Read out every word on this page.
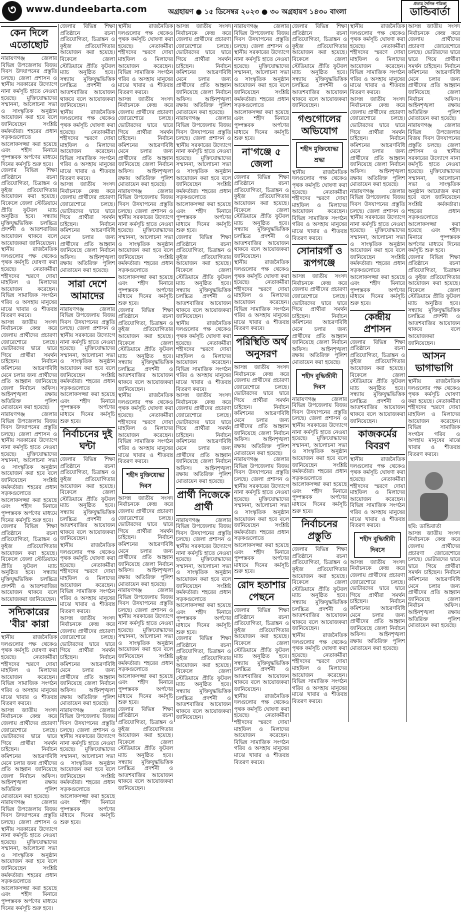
৩	www.dundeebarta.com	অগ্রহায়ণ ● ১৫ ডিসেম্বর ২০২৩ ● ৩০ অগ্রহায়ণ ১৪৩০ বাংলা
প্রত্যয় দৈনিক পত্রিকা
ডান্ডিবার্তা
কেন দিলে এতোছোট

নারায়ণগঞ্জ জেলার বিভিন্ন উপজেলায় বিজয় দিবস উদযাপনের প্রস্তুতি চলছে। জেলা প্রশাসন ও স্থানীয় সরকারের উদ্যোগে নানা কর্মসূচি হাতে নেওয়া হয়েছে। মুক্তিযোদ্ধাদের সম্মাননা, আলোচনা সভা ও সাংস্কৃতিক অনুষ্ঠান আয়োজন করা হবে বলে জানিয়েছেন সংশ্লিষ্ট কর্মকর্তারা। শহরের প্রধান সড়কগুলোতে আলোকসজ্জা করা হয়েছে এবং শহীদ মিনারে পুষ্পস্তবক অর্পণের মাধ্যমে দিনের কর্মসূচি শুরু হবে।

জেলার বিভিন্ন শিক্ষা প্রতিষ্ঠানে রচনা প্রতিযোগিতা, চিত্রাঙ্কন ও কুইজ প্রতিযোগিতার আয়োজন করা হয়েছে। বিকেলে জেলা স্টেডিয়ামে প্রীতি ফুটবল ম্যাচ অনুষ্ঠিত হবে। সন্ধ্যায় মুক্তিযুদ্ধভিত্তিক চলচ্চিত্র প্রদর্শনী ও আতশবাজির আয়োজন থাকবে বলে আয়োজকরা জানিয়েছেন।

স্থানীয় রাজনৈতিক দলগুলোর পক্ষ থেকেও পৃথক কর্মসূচি ঘোষণা করা হয়েছে। নেতাকর্মীরা শহীদদের স্মরণে দোয়া মাহফিল ও মিলাদের আয়োজন করেছেন। বিভিন্ন সামাজিক সংগঠন গরিব ও অসহায় মানুষের মাঝে খাবার ও শীতবস্ত্র বিতরণ করবে।

আসন্ন জাতীয় সংসদ নির্বাচনকে কেন্দ্র করে জেলায় প্রার্থীদের প্রচারণা জোরেশোরে চলছে। ভোটারদের দ্বারে দ্বারে গিয়ে প্রার্থীরা সমর্থন চাইছেন। নির্বাচন কমিশনের আচরণবিধি মেনে চলার জন্য প্রার্থীদের প্রতি আহ্বান জানিয়েছে জেলা নির্বাচন অফিস। আইনশৃঙ্খলা রক্ষায় অতিরিক্ত পুলিশ মোতায়েন করা হয়েছে।

নারায়ণগঞ্জ জেলার বিভিন্ন উপজেলায় বিজয় দিবস উদযাপনের প্রস্তুতি চলছে। জেলা প্রশাসন ও স্থানীয় সরকারের উদ্যোগে নানা কর্মসূচি হাতে নেওয়া হয়েছে। মুক্তিযোদ্ধাদের সম্মাননা, আলোচনা সভা ও সাংস্কৃতিক অনুষ্ঠান আয়োজন করা হবে বলে জানিয়েছেন সংশ্লিষ্ট কর্মকর্তারা। শহরের প্রধান সড়কগুলোতে আলোকসজ্জা করা হয়েছে এবং শহীদ মিনারে পুষ্পস্তবক অর্পণের মাধ্যমে দিনের কর্মসূচি শুরু হবে।

জেলার বিভিন্ন শিক্ষা প্রতিষ্ঠানে রচনা প্রতিযোগিতা, চিত্রাঙ্কন ও কুইজ প্রতিযোগিতার আয়োজন করা হয়েছে। বিকেলে জেলা স্টেডিয়ামে প্রীতি ফুটবল ম্যাচ অনুষ্ঠিত হবে। সন্ধ্যায় মুক্তিযুদ্ধভিত্তিক চলচ্চিত্র প্রদর্শনী ও আতশবাজির আয়োজন থাকবে বলে আয়োজকরা জানিয়েছেন।

সদ্যিকারের 'বীর' কারা

স্থানীয় রাজনৈতিক দলগুলোর পক্ষ থেকেও পৃথক কর্মসূচি ঘোষণা করা হয়েছে। নেতাকর্মীরা শহীদদের স্মরণে দোয়া মাহফিল ও মিলাদের আয়োজন করেছেন। বিভিন্ন সামাজিক সংগঠন গরিব ও অসহায় মানুষের মাঝে খাবার ও শীতবস্ত্র বিতরণ করবে।

আসন্ন জাতীয় সংসদ নির্বাচনকে কেন্দ্র করে জেলায় প্রার্থীদের প্রচারণা জোরেশোরে চলছে। ভোটারদের দ্বারে দ্বারে গিয়ে প্রার্থীরা সমর্থন চাইছেন। নির্বাচন কমিশনের আচরণবিধি মেনে চলার জন্য প্রার্থীদের প্রতি আহ্বান জানিয়েছে জেলা নির্বাচন অফিস। আইনশৃঙ্খলা রক্ষায় অতিরিক্ত পুলিশ মোতায়েন করা হয়েছে।

নারায়ণগঞ্জ জেলার বিভিন্ন উপজেলায় বিজয় দিবস উদযাপনের প্রস্তুতি চলছে। জেলা প্রশাসন ও স্থানীয় সরকারের উদ্যোগে নানা কর্মসূচি হাতে নেওয়া হয়েছে। মুক্তিযোদ্ধাদের সম্মাননা, আলোচনা সভা ও সাংস্কৃতিক অনুষ্ঠান আয়োজন করা হবে বলে জানিয়েছেন সংশ্লিষ্ট কর্মকর্তারা। শহরের প্রধান সড়কগুলোতে আলোকসজ্জা করা হয়েছে এবং শহীদ মিনারে পুষ্পস্তবক অর্পণের মাধ্যমে দিনের কর্মসূচি শুরু হবে।

জেলার বিভিন্ন শিক্ষা প্রতিষ্ঠানে রচনা প্রতিযোগিতা, চিত্রাঙ্কন ও কুইজ প্রতিযোগিতার আয়োজন করা হয়েছে। বিকেলে জেলা স্টেডিয়ামে প্রীতি ফুটবল ম্যাচ অনুষ্ঠিত হবে। সন্ধ্যায় মুক্তিযুদ্ধভিত্তিক চলচ্চিত্র প্রদর্শনী ও আতশবাজির আয়োজন থাকবে বলে আয়োজকরা জানিয়েছেন।

স্থানীয় রাজনৈতিক দলগুলোর পক্ষ থেকেও পৃথক কর্মসূচি ঘোষণা করা হয়েছে। নেতাকর্মীরা শহীদদের স্মরণে দোয়া মাহফিল ও মিলাদের আয়োজন করেছেন। বিভিন্ন সামাজিক সংগঠন গরিব ও অসহায় মানুষের মাঝে খাবার ও শীতবস্ত্র বিতরণ করবে।

আসন্ন জাতীয় সংসদ নির্বাচনকে কেন্দ্র করে জেলায় প্রার্থীদের প্রচারণা জোরেশোরে চলছে। ভোটারদের দ্বারে দ্বারে গিয়ে প্রার্থীরা সমর্থন চাইছেন। নির্বাচন কমিশনের আচরণবিধি মেনে চলার জন্য প্রার্থীদের প্রতি আহ্বান জানিয়েছে জেলা নির্বাচন অফিস। আইনশৃঙ্খলা রক্ষায় অতিরিক্ত পুলিশ মোতায়েন করা হয়েছে।

সারা দেশে আমাদের

নারায়ণগঞ্জ জেলার বিভিন্ন উপজেলায় বিজয় দিবস উদযাপনের প্রস্তুতি চলছে। জেলা প্রশাসন ও স্থানীয় সরকারের উদ্যোগে নানা কর্মসূচি হাতে নেওয়া হয়েছে। মুক্তিযোদ্ধাদের সম্মাননা, আলোচনা সভা ও সাংস্কৃতিক অনুষ্ঠান আয়োজন করা হবে বলে জানিয়েছেন সংশ্লিষ্ট কর্মকর্তারা। শহরের প্রধান সড়কগুলোতে আলোকসজ্জা করা হয়েছে এবং শহীদ মিনারে পুষ্পস্তবক অর্পণের মাধ্যমে দিনের কর্মসূচি শুরু হবে।

নির্বাচনের দুই ঘন্টা

জেলার বিভিন্ন শিক্ষা প্রতিষ্ঠানে রচনা প্রতিযোগিতা, চিত্রাঙ্কন ও কুইজ প্রতিযোগিতার আয়োজন করা হয়েছে। বিকেলে জেলা স্টেডিয়ামে প্রীতি ফুটবল ম্যাচ অনুষ্ঠিত হবে। সন্ধ্যায় মুক্তিযুদ্ধভিত্তিক চলচ্চিত্র প্রদর্শনী ও আতশবাজির আয়োজন থাকবে বলে আয়োজকরা জানিয়েছেন।

স্থানীয় রাজনৈতিক দলগুলোর পক্ষ থেকেও পৃথক কর্মসূচি ঘোষণা করা হয়েছে। নেতাকর্মীরা শহীদদের স্মরণে দোয়া মাহফিল ও মিলাদের আয়োজন করেছেন। বিভিন্ন সামাজিক সংগঠন গরিব ও অসহায় মানুষের মাঝে খাবার ও শীতবস্ত্র বিতরণ করবে।

আসন্ন জাতীয় সংসদ নির্বাচনকে কেন্দ্র করে জেলায় প্রার্থীদের প্রচারণা জোরেশোরে চলছে। ভোটারদের দ্বারে দ্বারে গিয়ে প্রার্থীরা সমর্থন চাইছেন। নির্বাচন কমিশনের আচরণবিধি মেনে চলার জন্য প্রার্থীদের প্রতি আহ্বান জানিয়েছে জেলা নির্বাচন অফিস। আইনশৃঙ্খলা রক্ষায় অতিরিক্ত পুলিশ মোতায়েন করা হয়েছে।

নারায়ণগঞ্জ জেলার বিভিন্ন উপজেলায় বিজয় দিবস উদযাপনের প্রস্তুতি চলছে। জেলা প্রশাসন ও স্থানীয় সরকারের উদ্যোগে নানা কর্মসূচি হাতে নেওয়া হয়েছে। মুক্তিযোদ্ধাদের সম্মাননা, আলোচনা সভা ও সাংস্কৃতিক অনুষ্ঠান আয়োজন করা হবে বলে জানিয়েছেন সংশ্লিষ্ট কর্মকর্তারা। শহরের প্রধান সড়কগুলোতে আলোকসজ্জা করা হয়েছে এবং শহীদ মিনারে পুষ্পস্তবক অর্পণের মাধ্যমে দিনের কর্মসূচি শুরু হবে।

স্থানীয় রাজনৈতিক দলগুলোর পক্ষ থেকেও পৃথক কর্মসূচি ঘোষণা করা হয়েছে। নেতাকর্মীরা শহীদদের স্মরণে দোয়া মাহফিল ও মিলাদের আয়োজন করেছেন। বিভিন্ন সামাজিক সংগঠন গরিব ও অসহায় মানুষের মাঝে খাবার ও শীতবস্ত্র বিতরণ করবে।

আসন্ন জাতীয় সংসদ নির্বাচনকে কেন্দ্র করে জেলায় প্রার্থীদের প্রচারণা জোরেশোরে চলছে। ভোটারদের দ্বারে দ্বারে গিয়ে প্রার্থীরা সমর্থন চাইছেন। নির্বাচন কমিশনের আচরণবিধি মেনে চলার জন্য প্রার্থীদের প্রতি আহ্বান জানিয়েছে জেলা নির্বাচন অফিস। আইনশৃঙ্খলা রক্ষায় অতিরিক্ত পুলিশ মোতায়েন করা হয়েছে।

নারায়ণগঞ্জ জেলার বিভিন্ন উপজেলায় বিজয় দিবস উদযাপনের প্রস্তুতি চলছে। জেলা প্রশাসন ও স্থানীয় সরকারের উদ্যোগে নানা কর্মসূচি হাতে নেওয়া হয়েছে। মুক্তিযোদ্ধাদের সম্মাননা, আলোচনা সভা ও সাংস্কৃতিক অনুষ্ঠান আয়োজন করা হবে বলে জানিয়েছেন সংশ্লিষ্ট কর্মকর্তারা। শহরের প্রধান সড়কগুলোতে আলোকসজ্জা করা হয়েছে এবং শহীদ মিনারে পুষ্পস্তবক অর্পণের মাধ্যমে দিনের কর্মসূচি শুরু হবে।

জেলার বিভিন্ন শিক্ষা প্রতিষ্ঠানে রচনা প্রতিযোগিতা, চিত্রাঙ্কন ও কুইজ প্রতিযোগিতার আয়োজন করা হয়েছে। বিকেলে জেলা স্টেডিয়ামে প্রীতি ফুটবল ম্যাচ অনুষ্ঠিত হবে। সন্ধ্যায় মুক্তিযুদ্ধভিত্তিক চলচ্চিত্র প্রদর্শনী ও আতশবাজির আয়োজন থাকবে বলে আয়োজকরা জানিয়েছেন।

স্থানীয় রাজনৈতিক দলগুলোর পক্ষ থেকেও পৃথক কর্মসূচি ঘোষণা করা হয়েছে। নেতাকর্মীরা শহীদদের স্মরণে দোয়া মাহফিল ও মিলাদের আয়োজন করেছেন। বিভিন্ন সামাজিক সংগঠন গরিব ও অসহায় মানুষের মাঝে খাবার ও শীতবস্ত্র বিতরণ করবে।

শহীদ মুক্তিযোদ্ধা দিবস

আসন্ন জাতীয় সংসদ নির্বাচনকে কেন্দ্র করে জেলায় প্রার্থীদের প্রচারণা জোরেশোরে চলছে। ভোটারদের দ্বারে দ্বারে গিয়ে প্রার্থীরা সমর্থন চাইছেন। নির্বাচন কমিশনের আচরণবিধি মেনে চলার জন্য প্রার্থীদের প্রতি আহ্বান জানিয়েছে জেলা নির্বাচন অফিস। আইনশৃঙ্খলা রক্ষায় অতিরিক্ত পুলিশ মোতায়েন করা হয়েছে।

নারায়ণগঞ্জ জেলার বিভিন্ন উপজেলায় বিজয় দিবস উদযাপনের প্রস্তুতি চলছে। জেলা প্রশাসন ও স্থানীয় সরকারের উদ্যোগে নানা কর্মসূচি হাতে নেওয়া হয়েছে। মুক্তিযোদ্ধাদের সম্মাননা, আলোচনা সভা ও সাংস্কৃতিক অনুষ্ঠান আয়োজন করা হবে বলে জানিয়েছেন সংশ্লিষ্ট কর্মকর্তারা। শহরের প্রধান সড়কগুলোতে আলোকসজ্জা করা হয়েছে এবং শহীদ মিনারে পুষ্পস্তবক অর্পণের মাধ্যমে দিনের কর্মসূচি শুরু হবে।

জেলার বিভিন্ন শিক্ষা প্রতিষ্ঠানে রচনা প্রতিযোগিতা, চিত্রাঙ্কন ও কুইজ প্রতিযোগিতার আয়োজন করা হয়েছে। বিকেলে জেলা স্টেডিয়ামে প্রীতি ফুটবল ম্যাচ অনুষ্ঠিত হবে। সন্ধ্যায় মুক্তিযুদ্ধভিত্তিক চলচ্চিত্র প্রদর্শনী ও আতশবাজির আয়োজন থাকবে বলে আয়োজকরা জানিয়েছেন।

আসন্ন জাতীয় সংসদ নির্বাচনকে কেন্দ্র করে জেলায় প্রার্থীদের প্রচারণা জোরেশোরে চলছে। ভোটারদের দ্বারে দ্বারে গিয়ে প্রার্থীরা সমর্থন চাইছেন। নির্বাচন কমিশনের আচরণবিধি মেনে চলার জন্য প্রার্থীদের প্রতি আহ্বান জানিয়েছে জেলা নির্বাচন অফিস। আইনশৃঙ্খলা রক্ষায় অতিরিক্ত পুলিশ মোতায়েন করা হয়েছে।

নারায়ণগঞ্জ জেলার বিভিন্ন উপজেলায় বিজয় দিবস উদযাপনের প্রস্তুতি চলছে। জেলা প্রশাসন ও স্থানীয় সরকারের উদ্যোগে নানা কর্মসূচি হাতে নেওয়া হয়েছে। মুক্তিযোদ্ধাদের সম্মাননা, আলোচনা সভা ও সাংস্কৃতিক অনুষ্ঠান আয়োজন করা হবে বলে জানিয়েছেন সংশ্লিষ্ট কর্মকর্তারা। শহরের প্রধান সড়কগুলোতে আলোকসজ্জা করা হয়েছে এবং শহীদ মিনারে পুষ্পস্তবক অর্পণের মাধ্যমে দিনের কর্মসূচি শুরু হবে।

জেলার বিভিন্ন শিক্ষা প্রতিষ্ঠানে রচনা প্রতিযোগিতা, চিত্রাঙ্কন ও কুইজ প্রতিযোগিতার আয়োজন করা হয়েছে। বিকেলে জেলা স্টেডিয়ামে প্রীতি ফুটবল ম্যাচ অনুষ্ঠিত হবে। সন্ধ্যায় মুক্তিযুদ্ধভিত্তিক চলচ্চিত্র প্রদর্শনী ও আতশবাজির আয়োজন থাকবে বলে আয়োজকরা জানিয়েছেন।

স্থানীয় রাজনৈতিক দলগুলোর পক্ষ থেকেও পৃথক কর্মসূচি ঘোষণা করা হয়েছে। নেতাকর্মীরা শহীদদের স্মরণে দোয়া মাহফিল ও মিলাদের আয়োজন করেছেন। বিভিন্ন সামাজিক সংগঠন গরিব ও অসহায় মানুষের মাঝে খাবার ও শীতবস্ত্র বিতরণ করবে।

আসন্ন জাতীয় সংসদ নির্বাচনকে কেন্দ্র করে জেলায় প্রার্থীদের প্রচারণা জোরেশোরে চলছে। ভোটারদের দ্বারে দ্বারে গিয়ে প্রার্থীরা সমর্থন চাইছেন। নির্বাচন কমিশনের আচরণবিধি মেনে চলার জন্য প্রার্থীদের প্রতি আহ্বান জানিয়েছে জেলা নির্বাচন অফিস। আইনশৃঙ্খলা রক্ষায় অতিরিক্ত পুলিশ মোতায়েন করা হয়েছে।

প্রার্থী নিজেকে প্রার্থী

নারায়ণগঞ্জ জেলার বিভিন্ন উপজেলায় বিজয় দিবস উদযাপনের প্রস্তুতি চলছে। জেলা প্রশাসন ও স্থানীয় সরকারের উদ্যোগে নানা কর্মসূচি হাতে নেওয়া হয়েছে। মুক্তিযোদ্ধাদের সম্মাননা, আলোচনা সভা ও সাংস্কৃতিক অনুষ্ঠান আয়োজন করা হবে বলে জানিয়েছেন সংশ্লিষ্ট কর্মকর্তারা। শহরের প্রধান সড়কগুলোতে আলোকসজ্জা করা হয়েছে এবং শহীদ মিনারে পুষ্পস্তবক অর্পণের মাধ্যমে দিনের কর্মসূচি শুরু হবে।

জেলার বিভিন্ন শিক্ষা প্রতিষ্ঠানে রচনা প্রতিযোগিতা, চিত্রাঙ্কন ও কুইজ প্রতিযোগিতার আয়োজন করা হয়েছে। বিকেলে জেলা স্টেডিয়ামে প্রীতি ফুটবল ম্যাচ অনুষ্ঠিত হবে। সন্ধ্যায় মুক্তিযুদ্ধভিত্তিক চলচ্চিত্র প্রদর্শনী ও আতশবাজির আয়োজন থাকবে বলে আয়োজকরা জানিয়েছেন।

নারায়ণগঞ্জ জেলার বিভিন্ন উপজেলায় বিজয় দিবস উদযাপনের প্রস্তুতি চলছে। জেলা প্রশাসন ও স্থানীয় সরকারের উদ্যোগে নানা কর্মসূচি হাতে নেওয়া হয়েছে। মুক্তিযোদ্ধাদের সম্মাননা, আলোচনা সভা ও সাংস্কৃতিক অনুষ্ঠান আয়োজন করা হবে বলে জানিয়েছেন সংশ্লিষ্ট কর্মকর্তারা। শহরের প্রধান সড়কগুলোতে আলোকসজ্জা করা হয়েছে এবং শহীদ মিনারে পুষ্পস্তবক অর্পণের মাধ্যমে দিনের কর্মসূচি শুরু হবে।

না'গঞ্জে ৫ জেলা

জেলার বিভিন্ন শিক্ষা প্রতিষ্ঠানে রচনা প্রতিযোগিতা, চিত্রাঙ্কন ও কুইজ প্রতিযোগিতার আয়োজন করা হয়েছে। বিকেলে জেলা স্টেডিয়ামে প্রীতি ফুটবল ম্যাচ অনুষ্ঠিত হবে। সন্ধ্যায় মুক্তিযুদ্ধভিত্তিক চলচ্চিত্র প্রদর্শনী ও আতশবাজির আয়োজন থাকবে বলে আয়োজকরা জানিয়েছেন।

স্থানীয় রাজনৈতিক দলগুলোর পক্ষ থেকেও পৃথক কর্মসূচি ঘোষণা করা হয়েছে। নেতাকর্মীরা শহীদদের স্মরণে দোয়া মাহফিল ও মিলাদের আয়োজন করেছেন। বিভিন্ন সামাজিক সংগঠন গরিব ও অসহায় মানুষের মাঝে খাবার ও শীতবস্ত্র বিতরণ করবে।

পরিস্থিতি অর্থ অনুসরণ

আসন্ন জাতীয় সংসদ নির্বাচনকে কেন্দ্র করে জেলায় প্রার্থীদের প্রচারণা জোরেশোরে চলছে। ভোটারদের দ্বারে দ্বারে গিয়ে প্রার্থীরা সমর্থন চাইছেন। নির্বাচন কমিশনের আচরণবিধি মেনে চলার জন্য প্রার্থীদের প্রতি আহ্বান জানিয়েছে জেলা নির্বাচন অফিস। আইনশৃঙ্খলা রক্ষায় অতিরিক্ত পুলিশ মোতায়েন করা হয়েছে।

নারায়ণগঞ্জ জেলার বিভিন্ন উপজেলায় বিজয় দিবস উদযাপনের প্রস্তুতি চলছে। জেলা প্রশাসন ও স্থানীয় সরকারের উদ্যোগে নানা কর্মসূচি হাতে নেওয়া হয়েছে। মুক্তিযোদ্ধাদের সম্মাননা, আলোচনা সভা ও সাংস্কৃতিক অনুষ্ঠান আয়োজন করা হবে বলে জানিয়েছেন সংশ্লিষ্ট কর্মকর্তারা। শহরের প্রধান সড়কগুলোতে আলোকসজ্জা করা হয়েছে এবং শহীদ মিনারে পুষ্পস্তবক অর্পণের মাধ্যমে দিনের কর্মসূচি শুরু হবে।

রোদ হতাশার পেছনে

জেলার বিভিন্ন শিক্ষা প্রতিষ্ঠানে রচনা প্রতিযোগিতা, চিত্রাঙ্কন ও কুইজ প্রতিযোগিতার আয়োজন করা হয়েছে। বিকেলে জেলা স্টেডিয়ামে প্রীতি ফুটবল ম্যাচ অনুষ্ঠিত হবে। সন্ধ্যায় মুক্তিযুদ্ধভিত্তিক চলচ্চিত্র প্রদর্শনী ও আতশবাজির আয়োজন থাকবে বলে আয়োজকরা জানিয়েছেন।

স্থানীয় রাজনৈতিক দলগুলোর পক্ষ থেকেও পৃথক কর্মসূচি ঘোষণা করা হয়েছে। নেতাকর্মীরা শহীদদের স্মরণে দোয়া মাহফিল ও মিলাদের আয়োজন করেছেন। বিভিন্ন সামাজিক সংগঠন গরিব ও অসহায় মানুষের মাঝে খাবার ও শীতবস্ত্র বিতরণ করবে।

জেলার বিভিন্ন শিক্ষা প্রতিষ্ঠানে রচনা প্রতিযোগিতা, চিত্রাঙ্কন ও কুইজ প্রতিযোগিতার আয়োজন করা হয়েছে। বিকেলে জেলা স্টেডিয়ামে প্রীতি ফুটবল ম্যাচ অনুষ্ঠিত হবে। সন্ধ্যায় মুক্তিযুদ্ধভিত্তিক চলচ্চিত্র প্রদর্শনী ও আতশবাজির আয়োজন থাকবে বলে আয়োজকরা জানিয়েছেন।

গণ্ডগোলের অভিযোগ
শহীদ মুক্তিযোদ্ধা শ্রদ্ধা

স্থানীয় রাজনৈতিক দলগুলোর পক্ষ থেকেও পৃথক কর্মসূচি ঘোষণা করা হয়েছে। নেতাকর্মীরা শহীদদের স্মরণে দোয়া মাহফিল ও মিলাদের আয়োজন করেছেন। বিভিন্ন সামাজিক সংগঠন গরিব ও অসহায় মানুষের মাঝে খাবার ও শীতবস্ত্র বিতরণ করবে।

সোনারগাঁ ও রূপগঞ্জে

আসন্ন জাতীয় সংসদ নির্বাচনকে কেন্দ্র করে জেলায় প্রার্থীদের প্রচারণা জোরেশোরে চলছে। ভোটারদের দ্বারে দ্বারে গিয়ে প্রার্থীরা সমর্থন চাইছেন। নির্বাচন কমিশনের আচরণবিধি মেনে চলার জন্য প্রার্থীদের প্রতি আহ্বান জানিয়েছে জেলা নির্বাচন অফিস। আইনশৃঙ্খলা রক্ষায় অতিরিক্ত পুলিশ মোতায়েন করা হয়েছে।

শহীদ বুদ্ধিজীবী দিবস

নারায়ণগঞ্জ জেলার বিভিন্ন উপজেলায় বিজয় দিবস উদযাপনের প্রস্তুতি চলছে। জেলা প্রশাসন ও স্থানীয় সরকারের উদ্যোগে নানা কর্মসূচি হাতে নেওয়া হয়েছে। মুক্তিযোদ্ধাদের সম্মাননা, আলোচনা সভা ও সাংস্কৃতিক অনুষ্ঠান আয়োজন করা হবে বলে জানিয়েছেন সংশ্লিষ্ট কর্মকর্তারা। শহরের প্রধান সড়কগুলোতে আলোকসজ্জা করা হয়েছে এবং শহীদ মিনারে পুষ্পস্তবক অর্পণের মাধ্যমে দিনের কর্মসূচি শুরু হবে।

নির্বাচনের প্রস্তুতি

জেলার বিভিন্ন শিক্ষা প্রতিষ্ঠানে রচনা প্রতিযোগিতা, চিত্রাঙ্কন ও কুইজ প্রতিযোগিতার আয়োজন করা হয়েছে। বিকেলে জেলা স্টেডিয়ামে প্রীতি ফুটবল ম্যাচ অনুষ্ঠিত হবে। সন্ধ্যায় মুক্তিযুদ্ধভিত্তিক চলচ্চিত্র প্রদর্শনী ও আতশবাজির আয়োজন থাকবে বলে আয়োজকরা জানিয়েছেন।

স্থানীয় রাজনৈতিক দলগুলোর পক্ষ থেকেও পৃথক কর্মসূচি ঘোষণা করা হয়েছে। নেতাকর্মীরা শহীদদের স্মরণে দোয়া মাহফিল ও মিলাদের আয়োজন করেছেন। বিভিন্ন সামাজিক সংগঠন গরিব ও অসহায় মানুষের মাঝে খাবার ও শীতবস্ত্র বিতরণ করবে।

স্থানীয় রাজনৈতিক দলগুলোর পক্ষ থেকেও পৃথক কর্মসূচি ঘোষণা করা হয়েছে। নেতাকর্মীরা শহীদদের স্মরণে দোয়া মাহফিল ও মিলাদের আয়োজন করেছেন। বিভিন্ন সামাজিক সংগঠন গরিব ও অসহায় মানুষের মাঝে খাবার ও শীতবস্ত্র বিতরণ করবে।

আসন্ন জাতীয় সংসদ নির্বাচনকে কেন্দ্র করে জেলায় প্রার্থীদের প্রচারণা জোরেশোরে চলছে। ভোটারদের দ্বারে দ্বারে গিয়ে প্রার্থীরা সমর্থন চাইছেন। নির্বাচন কমিশনের আচরণবিধি মেনে চলার জন্য প্রার্থীদের প্রতি আহ্বান জানিয়েছে জেলা নির্বাচন অফিস। আইনশৃঙ্খলা রক্ষায় অতিরিক্ত পুলিশ মোতায়েন করা হয়েছে।

নারায়ণগঞ্জ জেলার বিভিন্ন উপজেলায় বিজয় দিবস উদযাপনের প্রস্তুতি চলছে। জেলা প্রশাসন ও স্থানীয় সরকারের উদ্যোগে নানা কর্মসূচি হাতে নেওয়া হয়েছে। মুক্তিযোদ্ধাদের সম্মাননা, আলোচনা সভা ও সাংস্কৃতিক অনুষ্ঠান আয়োজন করা হবে বলে জানিয়েছেন সংশ্লিষ্ট কর্মকর্তারা। শহরের প্রধান সড়কগুলোতে আলোকসজ্জা করা হয়েছে এবং শহীদ মিনারে পুষ্পস্তবক অর্পণের মাধ্যমে দিনের কর্মসূচি শুরু হবে।

কেন্দ্রীয় প্রশাসন

জেলার বিভিন্ন শিক্ষা প্রতিষ্ঠানে রচনা প্রতিযোগিতা, চিত্রাঙ্কন ও কুইজ প্রতিযোগিতার আয়োজন করা হয়েছে। বিকেলে জেলা স্টেডিয়ামে প্রীতি ফুটবল ম্যাচ অনুষ্ঠিত হবে। সন্ধ্যায় মুক্তিযুদ্ধভিত্তিক চলচ্চিত্র প্রদর্শনী ও আতশবাজির আয়োজন থাকবে বলে আয়োজকরা জানিয়েছেন।

কাজকর্মের বিবরণ

স্থানীয় রাজনৈতিক দলগুলোর পক্ষ থেকেও পৃথক কর্মসূচি ঘোষণা করা হয়েছে। নেতাকর্মীরা শহীদদের স্মরণে দোয়া মাহফিল ও মিলাদের আয়োজন করেছেন। বিভিন্ন সামাজিক সংগঠন গরিব ও অসহায় মানুষের মাঝে খাবার ও শীতবস্ত্র বিতরণ করবে।

শহীদ বুদ্ধিজীবী দিবসে

আসন্ন জাতীয় সংসদ নির্বাচনকে কেন্দ্র করে জেলায় প্রার্থীদের প্রচারণা জোরেশোরে চলছে। ভোটারদের দ্বারে দ্বারে গিয়ে প্রার্থীরা সমর্থন চাইছেন। নির্বাচন কমিশনের আচরণবিধি মেনে চলার জন্য প্রার্থীদের প্রতি আহ্বান জানিয়েছে জেলা নির্বাচন অফিস। আইনশৃঙ্খলা রক্ষায় অতিরিক্ত পুলিশ মোতায়েন করা হয়েছে।

আসন্ন জাতীয় সংসদ নির্বাচনকে কেন্দ্র করে জেলায় প্রার্থীদের প্রচারণা জোরেশোরে চলছে। ভোটারদের দ্বারে দ্বারে গিয়ে প্রার্থীরা সমর্থন চাইছেন। নির্বাচন কমিশনের আচরণবিধি মেনে চলার জন্য প্রার্থীদের প্রতি আহ্বান জানিয়েছে জেলা নির্বাচন অফিস। আইনশৃঙ্খলা রক্ষায় অতিরিক্ত পুলিশ মোতায়েন করা হয়েছে।

নারায়ণগঞ্জ জেলার বিভিন্ন উপজেলায় বিজয় দিবস উদযাপনের প্রস্তুতি চলছে। জেলা প্রশাসন ও স্থানীয় সরকারের উদ্যোগে নানা কর্মসূচি হাতে নেওয়া হয়েছে। মুক্তিযোদ্ধাদের সম্মাননা, আলোচনা সভা ও সাংস্কৃতিক অনুষ্ঠান আয়োজন করা হবে বলে জানিয়েছেন সংশ্লিষ্ট কর্মকর্তারা। শহরের প্রধান সড়কগুলোতে আলোকসজ্জা করা হয়েছে এবং শহীদ মিনারে পুষ্পস্তবক অর্পণের মাধ্যমে দিনের কর্মসূচি শুরু হবে।

জেলার বিভিন্ন শিক্ষা প্রতিষ্ঠানে রচনা প্রতিযোগিতা, চিত্রাঙ্কন ও কুইজ প্রতিযোগিতার আয়োজন করা হয়েছে। বিকেলে জেলা স্টেডিয়ামে প্রীতি ফুটবল ম্যাচ অনুষ্ঠিত হবে। সন্ধ্যায় মুক্তিযুদ্ধভিত্তিক চলচ্চিত্র প্রদর্শনী ও আতশবাজির আয়োজন থাকবে বলে আয়োজকরা জানিয়েছেন।

আসন ভাগাভাগি

স্থানীয় রাজনৈতিক দলগুলোর পক্ষ থেকেও পৃথক কর্মসূচি ঘোষণা করা হয়েছে। নেতাকর্মীরা শহীদদের স্মরণে দোয়া মাহফিল ও মিলাদের আয়োজন করেছেন। বিভিন্ন সামাজিক সংগঠন গরিব ও অসহায় মানুষের মাঝে খাবার ও শীতবস্ত্র বিতরণ করবে।

ছবি: ডান্ডিবার্তা

আসন্ন জাতীয় সংসদ নির্বাচনকে কেন্দ্র করে জেলায় প্রার্থীদের প্রচারণা জোরেশোরে চলছে। ভোটারদের দ্বারে দ্বারে গিয়ে প্রার্থীরা সমর্থন চাইছেন। নির্বাচন কমিশনের আচরণবিধি মেনে চলার জন্য প্রার্থীদের প্রতি আহ্বান জানিয়েছে জেলা নির্বাচন অফিস। আইনশৃঙ্খলা রক্ষায় অতিরিক্ত পুলিশ মোতায়েন করা হয়েছে।
